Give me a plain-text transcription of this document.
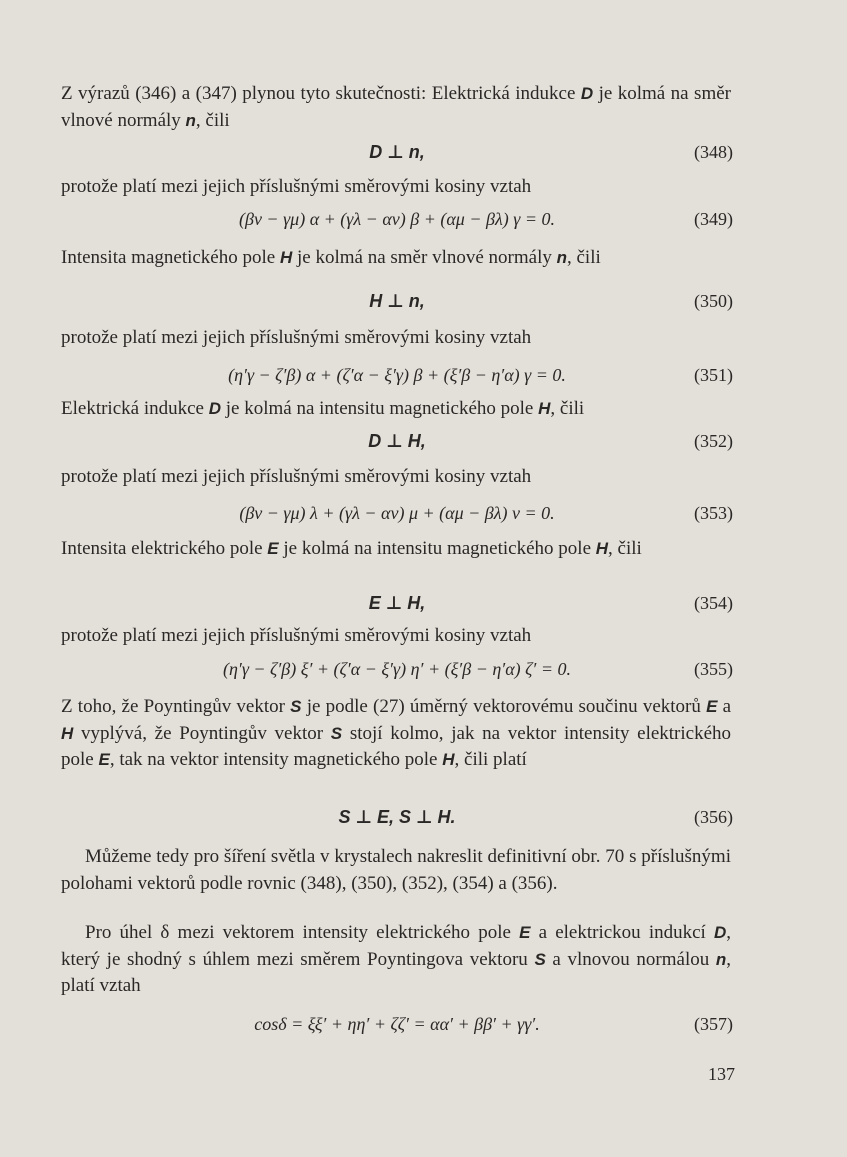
Z výrazů (346) a (347) plynou tyto skutečnosti: Elektrická indukce D je kolmá na směr vlnové normály n, čili
D ⊥ n,	(348)
protože platí mezi jejich příslušnými směrovými kosiny vztah
(βν − γμ) α + (γλ − αν) β + (αμ − βλ) γ = 0.	(349)
Intensita magnetického pole H je kolmá na směr vlnové normály n, čili
H ⊥ n,	(350)
protože platí mezi jejich příslušnými směrovými kosiny vztah
(η′γ − ζ′β) α + (ζ′α − ξ′γ) β + (ξ′β − η′α) γ = 0.	(351)
Elektrická indukce D je kolmá na intensitu magnetického pole H, čili
D ⊥ H,	(352)
protože platí mezi jejich příslušnými směrovými kosiny vztah
(βν − γμ) λ + (γλ − αν) μ + (αμ − βλ) ν = 0.	(353)
Intensita elektrického pole E je kolmá na intensitu magnetického pole H, čili
E ⊥ H,	(354)
protože platí mezi jejich příslušnými směrovými kosiny vztah
(η′γ − ζ′β) ξ′ + (ζ′α − ξ′γ) η′ + (ξ′β − η′α) ζ′ = 0.	(355)
Z toho, že Poyntingův vektor S je podle (27) úměrný vektorovému součinu vektorů E a H vyplývá, že Poyntingův vektor S stojí kolmo, jak na vektor intensity elektrického pole E, tak na vektor intensity magnetického pole H, čili platí
S ⊥ E, S ⊥ H.	(356)
Můžeme tedy pro šíření světla v krystalech nakreslit definitivní obr. 70 s příslušnými polohami vektorů podle rovnic (348), (350), (352), (354) a (356).
Pro úhel δ mezi vektorem intensity elektrického pole E a elektrickou indukcí D, který je shodný s úhlem mezi směrem Poyntingova vektoru S a vlnovou normálou n, platí vztah
cosδ = ξξ′ + ηη′ + ζζ′ = αα′ + ββ′ + γγ′.	(357)
137
